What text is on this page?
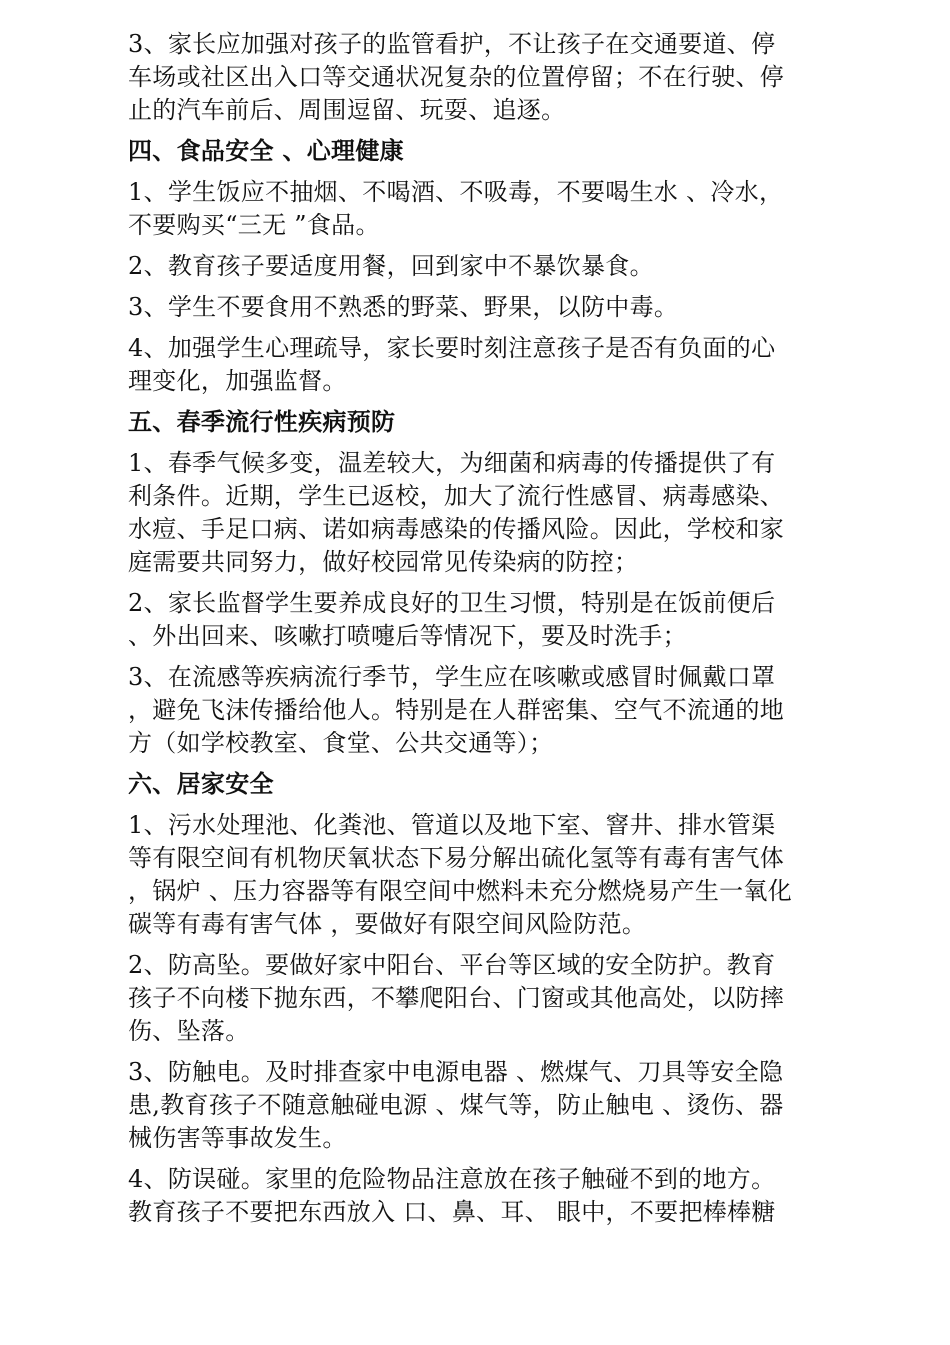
3、家长应加强对孩子的监管看护，不让孩子在交通要道、停
车场或社区出入口等交通状况复杂的位置停留；不在行驶、停
止的汽车前后、周围逗留、玩耍、追逐。

四、食品安全 、心理健康

1、学生饭应不抽烟、不喝酒、不吸毒，不要喝生水 、冷水，
不要购买“三无 ”食品。

2、教育孩子要适度用餐，回到家中不暴饮暴食。

3、学生不要食用不熟悉的野菜、野果，以防中毒。

4、加强学生心理疏导，家长要时刻注意孩子是否有负面的心
理变化，加强监督。

五、春季流行性疾病预防

1、春季气候多变，温差较大，为细菌和病毒的传播提供了有
利条件。近期，学生已返校，加大了流行性感冒、病毒感染、
水痘、手足口病、诺如病毒感染的传播风险。因此，学校和家
庭需要共同努力，做好校园常见传染病的防控；

2、家长监督学生要养成良好的卫生习惯，特别是在饭前便后
、外出回来、咳嗽打喷嚏后等情况下，要及时洗手；

3、在流感等疾病流行季节，学生应在咳嗽或感冒时佩戴口罩
，避免飞沫传播给他人。特别是在人群密集、空气不流通的地
方（如学校教室、食堂、公共交通等）；

六、居家安全

1、污水处理池、化粪池、管道以及地下室、窨井、排水管渠
等有限空间有机物厌氧状态下易分解出硫化氢等有毒有害气体
，锅炉 、压力容器等有限空间中燃料未充分燃烧易产生一氧化
碳等有毒有害气体 ，要做好有限空间风险防范。

2、防高坠。要做好家中阳台、平台等区域的安全防护。教育
孩子不向楼下抛东西，不攀爬阳台、门窗或其他高处，以防摔
伤、坠落。

3、防触电。及时排查家中电源电器 、燃煤气、刀具等安全隐
患,教育孩子不随意触碰电源 、煤气等，防止触电 、烫伤、器
械伤害等事故发生。

4、防误碰。家里的危险物品注意放在孩子触碰不到的地方。
教育孩子不要把东西放入 口、鼻、耳、 眼中，不要把棒棒糖
